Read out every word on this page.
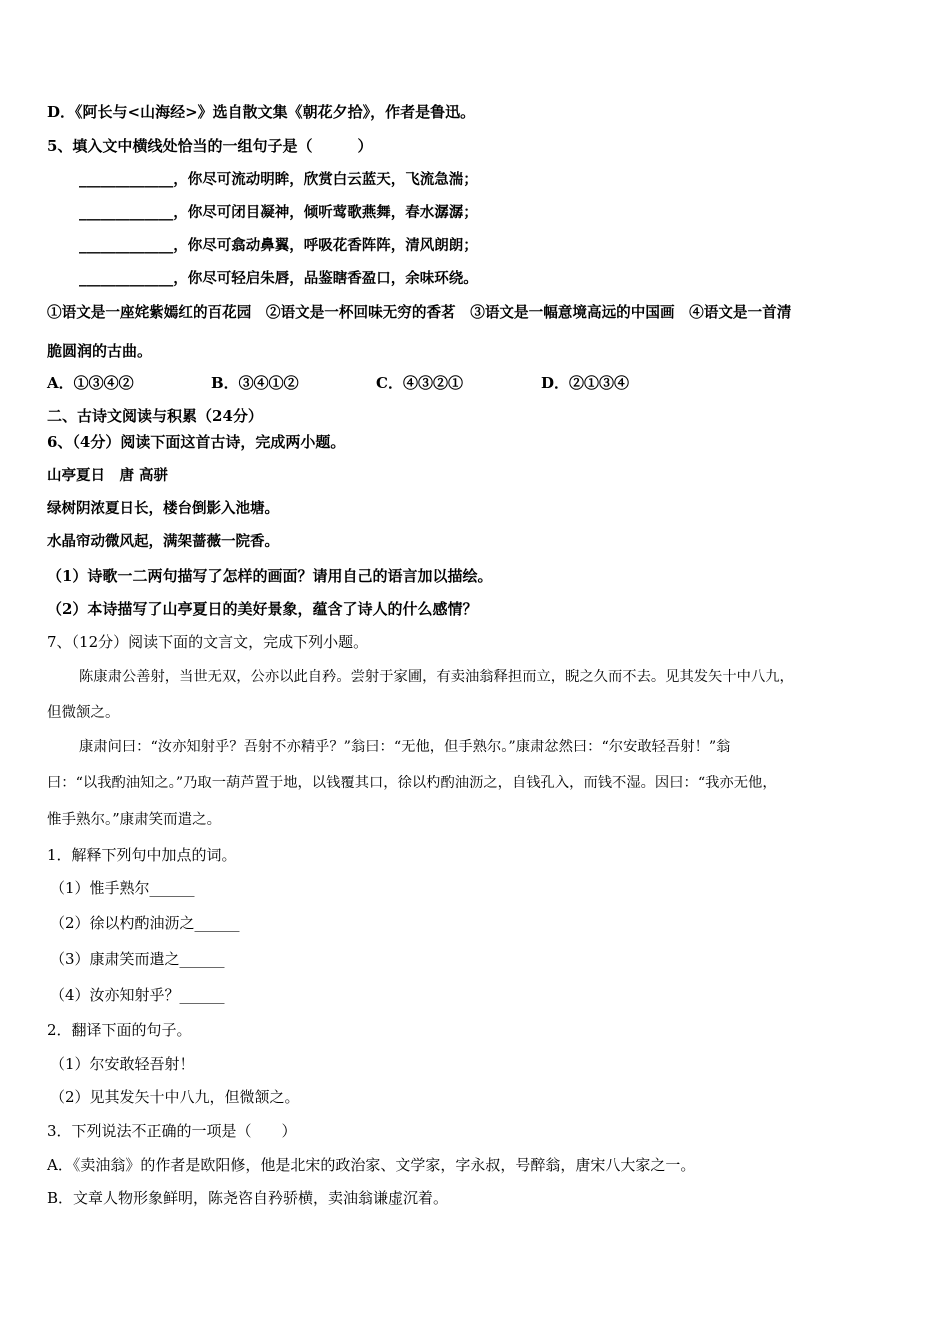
D．《阿长与<山海经>》选自散文集《朝花夕拾》，作者是鲁迅。
5、填入文中横线处恰当的一组句子是（　　　）
_____________，你尽可流动明眸，欣赏白云蓝天，飞流急湍；
_____________，你尽可闭目凝神，倾听莺歌燕舞，春水潺潺；
_____________，你尽可翕动鼻翼，呼吸花香阵阵，清风朗朗；
_____________，你尽可轻启朱唇，品鉴瞎香盈口，余味环绕。
①语文是一座姹紫嫣红的百花园　②语文是一杯回味无穷的香茗　③语文是一幅意境高远的中国画　④语文是一首清
脆圆润的古曲。
A．①③④②	B．③④①②	C．④③②①	D．②①③④
二、古诗文阅读与积累（24分）
6、（4分）阅读下面这首古诗，完成两小题。
山亭夏日　唐 高骈
绿树阴浓夏日长，楼台倒影入池塘。
水晶帘动微风起，满架蔷薇一院香。
（1）诗歌一二两句描写了怎样的画面？请用自己的语言加以描绘。
（2）本诗描写了山亭夏日的美好景象，蕴含了诗人的什么感情？
7、（12分）阅读下面的文言文，完成下列小题。
陈康肃公善射，当世无双，公亦以此自矜。尝射于家圃，有卖油翁释担而立，睨之久而不去。见其发矢十中八九，
但微颔之。
康肃问曰：“汝亦知射乎？吾射不亦精乎？”翁曰：“无他，但手熟尔。”康肃忿然曰：“尔安敢轻吾射！”翁
曰：“以我酌油知之。”乃取一葫芦置于地，以钱覆其口，徐以杓酌油沥之，自钱孔入，而钱不湿。因曰：“我亦无他，
惟手熟尔。”康肃笑而遣之。
1．解释下列句中加点的词。
（1）惟手熟尔______
（2）徐以杓酌油沥之______
（3）康肃笑而遣之______
（4）汝亦知射乎？______
2．翻译下面的句子。
（1）尔安敢轻吾射！
（2）见其发矢十中八九，但微颔之。
3．下列说法不正确的一项是（　　）
A．《卖油翁》的作者是欧阳修，他是北宋的政治家、文学家，字永叔，号醉翁，唐宋八大家之一。
B．文章人物形象鲜明，陈尧咨自矜骄横，卖油翁谦虚沉着。
